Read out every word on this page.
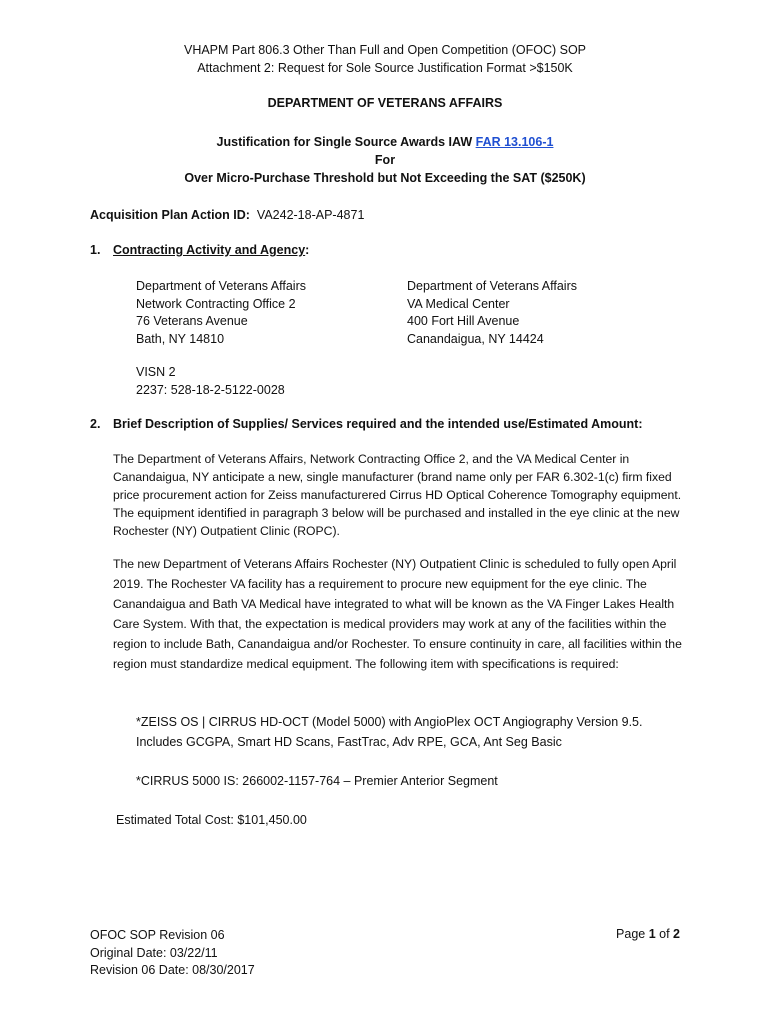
VHAPM Part 806.3 Other Than Full and Open Competition (OFOC) SOP
Attachment 2: Request for Sole Source Justification Format >$150K
DEPARTMENT OF VETERANS AFFAIRS
Justification for Single Source Awards IAW FAR 13.106-1
For
Over Micro-Purchase Threshold but Not Exceeding the SAT ($250K)
Acquisition Plan Action ID: VA242-18-AP-4871
1. Contracting Activity and Agency:
Department of Veterans Affairs
Network Contracting Office 2
76 Veterans Avenue
Bath, NY 14810
Department of Veterans Affairs
VA Medical Center
400 Fort Hill Avenue
Canandaigua, NY 14424
VISN 2
2237: 528-18-2-5122-0028
2. Brief Description of Supplies/ Services required and the intended use/Estimated Amount:
The Department of Veterans Affairs, Network Contracting Office 2, and the VA Medical Center in Canandaigua, NY anticipate a new, single manufacturer (brand name only per FAR 6.302-1(c) firm fixed price procurement action for Zeiss manufacturered Cirrus HD Optical Coherence Tomography equipment. The equipment identified in paragraph 3 below will be purchased and installed in the eye clinic at the new Rochester (NY) Outpatient Clinic (ROPC).
The new Department of Veterans Affairs Rochester (NY) Outpatient Clinic is scheduled to fully open April 2019. The Rochester VA facility has a requirement to procure new equipment for the eye clinic. The Canandaigua and Bath VA Medical have integrated to what will be known as the VA Finger Lakes Health Care System. With that, the expectation is medical providers may work at any of the facilities within the region to include Bath, Canandaigua and/or Rochester. To ensure continuity in care, all facilities within the region must standardize medical equipment. The following item with specifications is required:
*ZEISS OS | CIRRUS HD-OCT (Model 5000) with AngioPlex OCT Angiography Version 9.5.
Includes GCGPA, Smart HD Scans, FastTrac, Adv RPE, GCA, Ant Seg Basic
*CIRRUS 5000 IS: 266002-1157-764 – Premier Anterior Segment
Estimated Total Cost: $101,450.00
OFOC SOP Revision 06
Original Date: 03/22/11
Revision 06 Date: 08/30/2017
Page 1 of 2
